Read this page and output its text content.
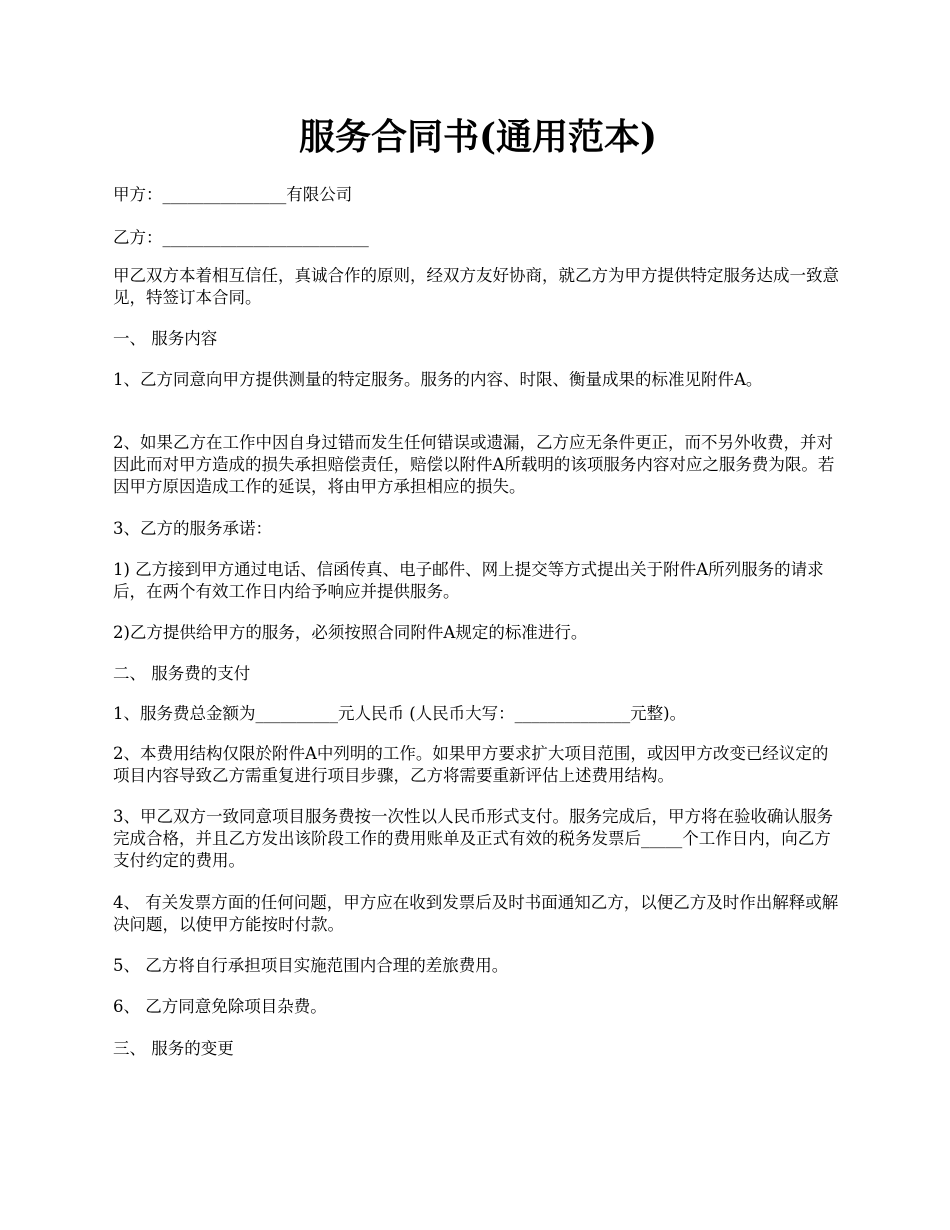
服务合同书(通用范本)
甲方：_______________有限公司
乙方：_________________________
甲乙双方本着相互信任，真诚合作的原则，经双方友好协商，就乙方为甲方提供特定服务达成一致意见，特签订本合同。
一、 服务内容
1、乙方同意向甲方提供测量的特定服务。服务的内容、时限、衡量成果的标准见附件A。
2、如果乙方在工作中因自身过错而发生任何错误或遗漏，乙方应无条件更正，而不另外收费，并对因此而对甲方造成的损失承担赔偿责任，赔偿以附件A所载明的该项服务内容对应之服务费为限。若因甲方原因造成工作的延误，将由甲方承担相应的损失。
3、乙方的服务承诺：
1) 乙方接到甲方通过电话、信函传真、电子邮件、网上提交等方式提出关于附件A所列服务的请求后，在两个有效工作日内给予响应并提供服务。
2)乙方提供给甲方的服务，必须按照合同附件A规定的标准进行。
二、 服务费的支付
1、服务费总金额为__________元人民币 (人民币大写：______________元整)。
2、本费用结构仅限於附件A中列明的工作。如果甲方要求扩大项目范围，或因甲方改变已经议定的项目内容导致乙方需重复进行项目步骤，乙方将需要重新评估上述费用结构。
3、甲乙双方一致同意项目服务费按一次性以人民币形式支付。服务完成后，甲方将在验收确认服务完成合格，并且乙方发出该阶段工作的费用账单及正式有效的税务发票后_____个工作日内，向乙方支付约定的费用。
4、 有关发票方面的任何问题，甲方应在收到发票后及时书面通知乙方，以便乙方及时作出解释或解决问题，以使甲方能按时付款。
5、 乙方将自行承担项目实施范围内合理的差旅费用。
6、 乙方同意免除项目杂费。
三、 服务的变更
